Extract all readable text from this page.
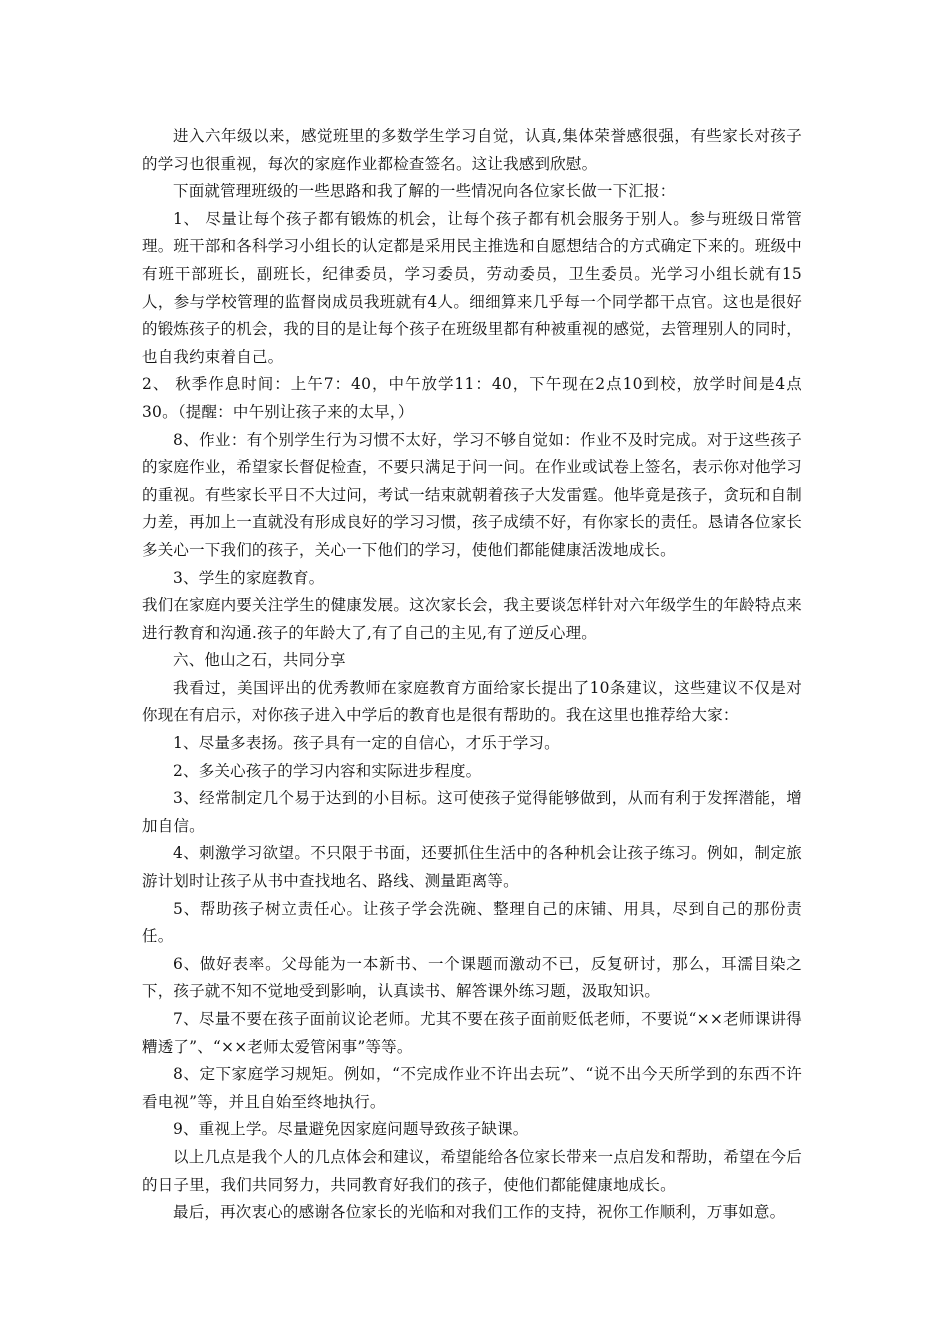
进入六年级以来，感觉班里的多数学生学习自觉，认真,集体荣誉感很强，有些家长对孩子的学习也很重视，每次的家庭作业都检查签名。这让我感到欣慰。

下面就管理班级的一些思路和我了解的一些情况向各位家长做一下汇报：

1、 尽量让每个孩子都有锻炼的机会，让每个孩子都有机会服务于别人。参与班级日常管理。班干部和各科学习小组长的认定都是采用民主推选和自愿想结合的方式确定下来的。班级中有班干部班长，副班长，纪律委员，学习委员，劳动委员，卫生委员。光学习小组长就有15人，参与学校管理的监督岗成员我班就有4人。细细算来几乎每一个同学都干点官。这也是很好的锻炼孩子的机会，我的目的是让每个孩子在班级里都有种被重视的感觉，去管理别人的同时，也自我约束着自己。

2、 秋季作息时间：上午7：40，中午放学11：40，下午现在2点10到校，放学时间是4点30。（提醒：中午别让孩子来的太早，）

8、作业：有个别学生行为习惯不太好，学习不够自觉如：作业不及时完成。对于这些孩子的家庭作业，希望家长督促检查，不要只满足于问一问。在作业或试卷上签名，表示你对他学习的重视。有些家长平日不大过问，考试一结束就朝着孩子大发雷霆。他毕竟是孩子，贪玩和自制力差，再加上一直就没有形成良好的学习习惯，孩子成绩不好，有你家长的责任。恳请各位家长多关心一下我们的孩子，关心一下他们的学习，使他们都能健康活泼地成长。

3、学生的家庭教育。

我们在家庭内要关注学生的健康发展。这次家长会，我主要谈怎样针对六年级学生的年龄特点来进行教育和沟通.孩子的年龄大了,有了自己的主见,有了逆反心理。

六、他山之石，共同分享

我看过，美国评出的优秀教师在家庭教育方面给家长提出了10条建议，这些建议不仅是对你现在有启示，对你孩子进入中学后的教育也是很有帮助的。我在这里也推荐给大家：

1、尽量多表扬。孩子具有一定的自信心，才乐于学习。

2、多关心孩子的学习内容和实际进步程度。

3、经常制定几个易于达到的小目标。这可使孩子觉得能够做到，从而有利于发挥潜能，增加自信。

4、刺激学习欲望。不只限于书面，还要抓住生活中的各种机会让孩子练习。例如，制定旅游计划时让孩子从书中查找地名、路线、测量距离等。

5、帮助孩子树立责任心。让孩子学会洗碗、整理自己的床铺、用具，尽到自己的那份责任。

6、做好表率。父母能为一本新书、一个课题而激动不已，反复研讨，那么，耳濡目染之下，孩子就不知不觉地受到影响，认真读书、解答课外练习题，汲取知识。

7、尽量不要在孩子面前议论老师。尤其不要在孩子面前贬低老师，不要说“××老师课讲得糟透了”、“××老师太爱管闲事”等等。

8、定下家庭学习规矩。例如，“不完成作业不许出去玩”、“说不出今天所学到的东西不许看电视”等，并且自始至终地执行。

9、重视上学。尽量避免因家庭问题导致孩子缺课。

以上几点是我个人的几点体会和建议，希望能给各位家长带来一点启发和帮助，希望在今后的日子里，我们共同努力，共同教育好我们的孩子，使他们都能健康地成长。

最后，再次衷心的感谢各位家长的光临和对我们工作的支持，祝你工作顺利，万事如意。
